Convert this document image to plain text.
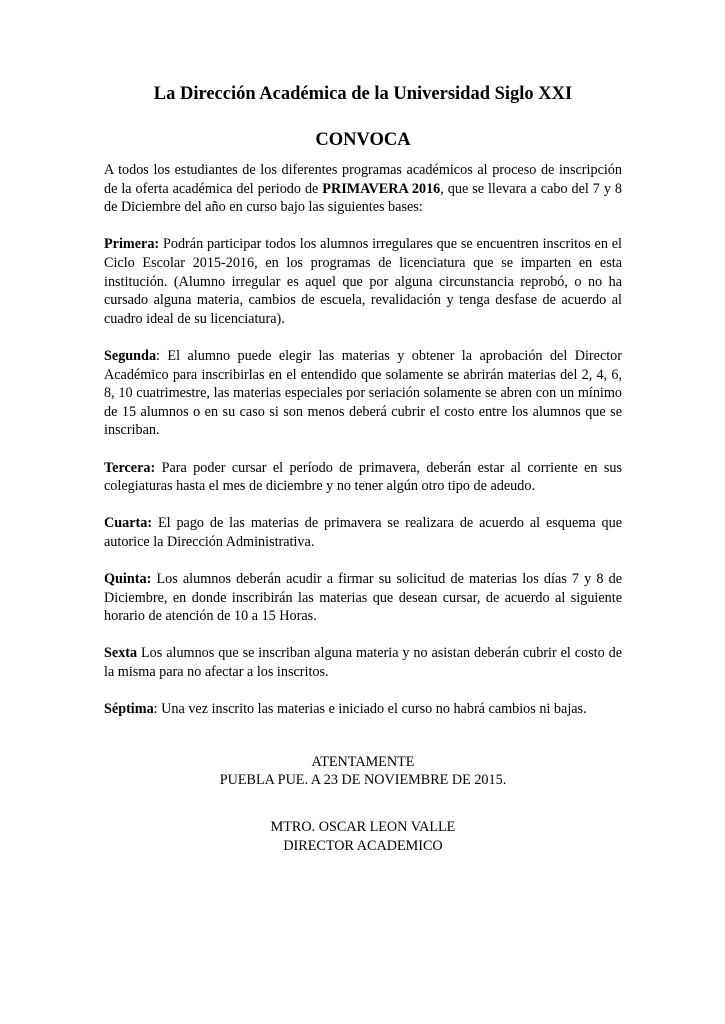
La Dirección Académica de la Universidad Siglo XXI
CONVOCA

A todos los estudiantes de los diferentes programas académicos al proceso de inscripción de la oferta académica del periodo de PRIMAVERA 2016, que se llevara a cabo del 7 y 8 de Diciembre del año en curso bajo las siguientes bases:

Primera: Podrán participar todos los alumnos irregulares que se encuentren inscritos en el Ciclo Escolar 2015-2016, en los programas de licenciatura que se imparten en esta institución. (Alumno irregular es aquel que por alguna circunstancia reprobó, o no ha cursado alguna materia, cambios de escuela, revalidación y tenga desfase de acuerdo al cuadro ideal de su licenciatura).

Segunda: El alumno puede elegir las materias y obtener la aprobación del Director Académico para inscribirlas en el entendido que solamente se abrirán materias del 2, 4, 6, 8, 10 cuatrimestre, las materias especiales por seriación solamente se abren con un mínimo de 15 alumnos o en su caso si son menos deberá cubrir el costo entre los alumnos que se inscriban.

Tercera: Para poder cursar el período de primavera, deberán estar al corriente en sus colegiaturas hasta el mes de diciembre y no tener algún otro tipo de adeudo.

Cuarta: El pago de las materias de primavera se realizara de acuerdo al esquema que autorice la Dirección Administrativa.

Quinta: Los alumnos deberán acudir a firmar su solicitud de materias los días 7 y 8 de Diciembre, en donde inscribirán las materias que desean cursar, de acuerdo al siguiente horario de atención de 10 a 15 Horas.

Sexta Los alumnos que se inscriban alguna materia y no asistan deberán cubrir el costo de la misma para no afectar a los inscritos.

Séptima: Una vez inscrito las materias e iniciado el curso no habrá cambios ni bajas.

ATENTAMENTE

PUEBLA PUE. A 23 DE NOVIEMBRE DE 2015.

MTRO. OSCAR LEON VALLE

DIRECTOR ACADEMICO
